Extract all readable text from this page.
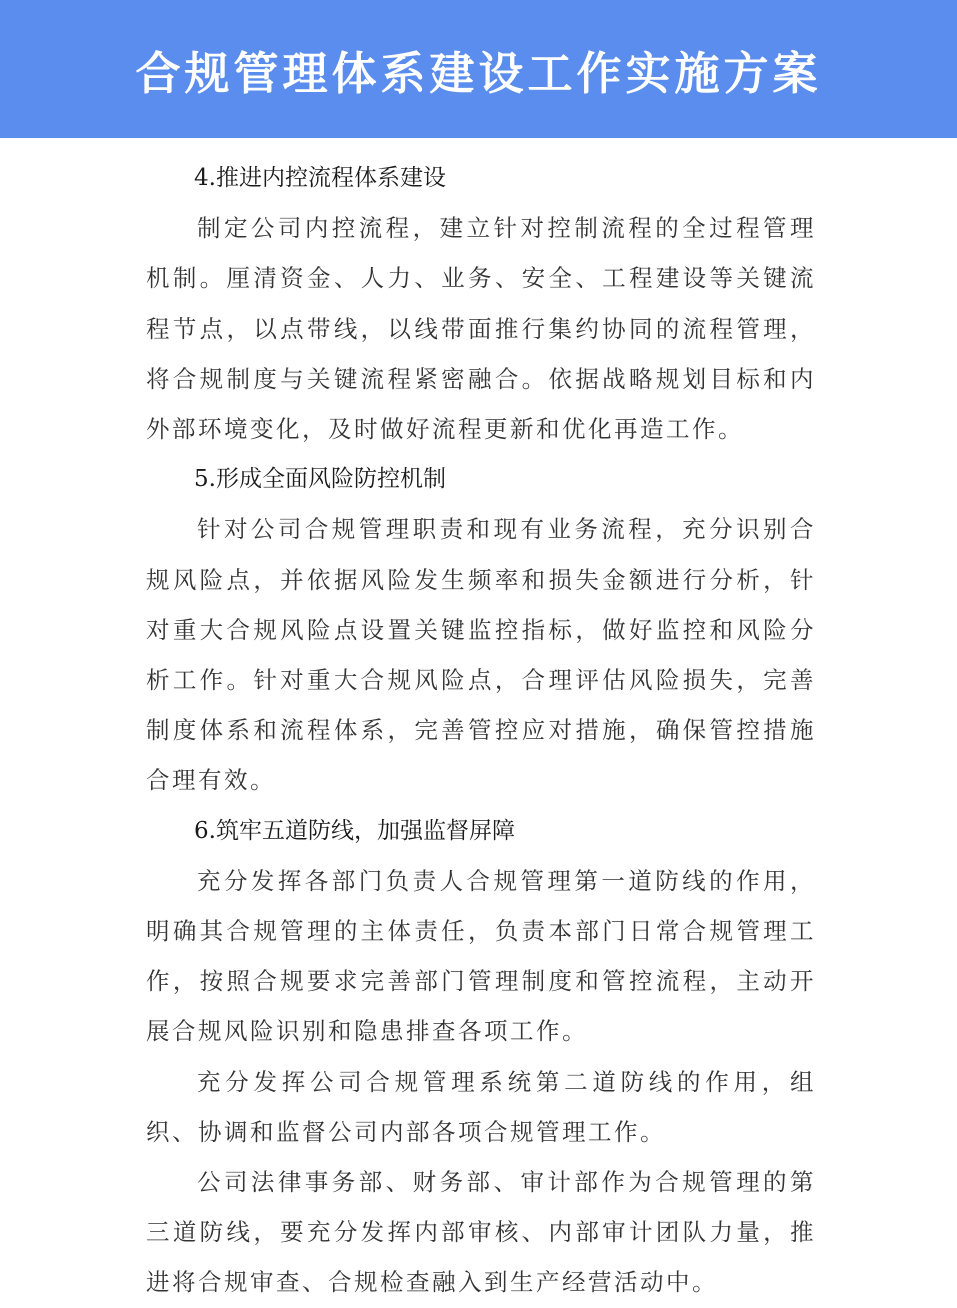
合规管理体系建设工作实施方案

4.推进内控流程体系建设

制定公司内控流程，建立针对控制流程的全过程管理机制。厘清资金、人力、业务、安全、工程建设等关键流程节点，以点带线，以线带面推行集约协同的流程管理，将合规制度与关键流程紧密融合。依据战略规划目标和内外部环境变化，及时做好流程更新和优化再造工作。

5.形成全面风险防控机制

针对公司合规管理职责和现有业务流程，充分识别合规风险点，并依据风险发生频率和损失金额进行分析，针对重大合规风险点设置关键监控指标，做好监控和风险分析工作。针对重大合规风险点，合理评估风险损失，完善制度体系和流程体系，完善管控应对措施，确保管控措施合理有效。

6.筑牢五道防线，加强监督屏障

充分发挥各部门负责人合规管理第一道防线的作用，明确其合规管理的主体责任，负责本部门日常合规管理工作，按照合规要求完善部门管理制度和管控流程，主动开展合规风险识别和隐患排查各项工作。

充分发挥公司合规管理系统第二道防线的作用，组织、协调和监督公司内部各项合规管理工作。

公司法律事务部、财务部、审计部作为合规管理的第三道防线，要充分发挥内部审核、内部审计团队力量，推进将合规审查、合规检查融入到生产经营活动中。
